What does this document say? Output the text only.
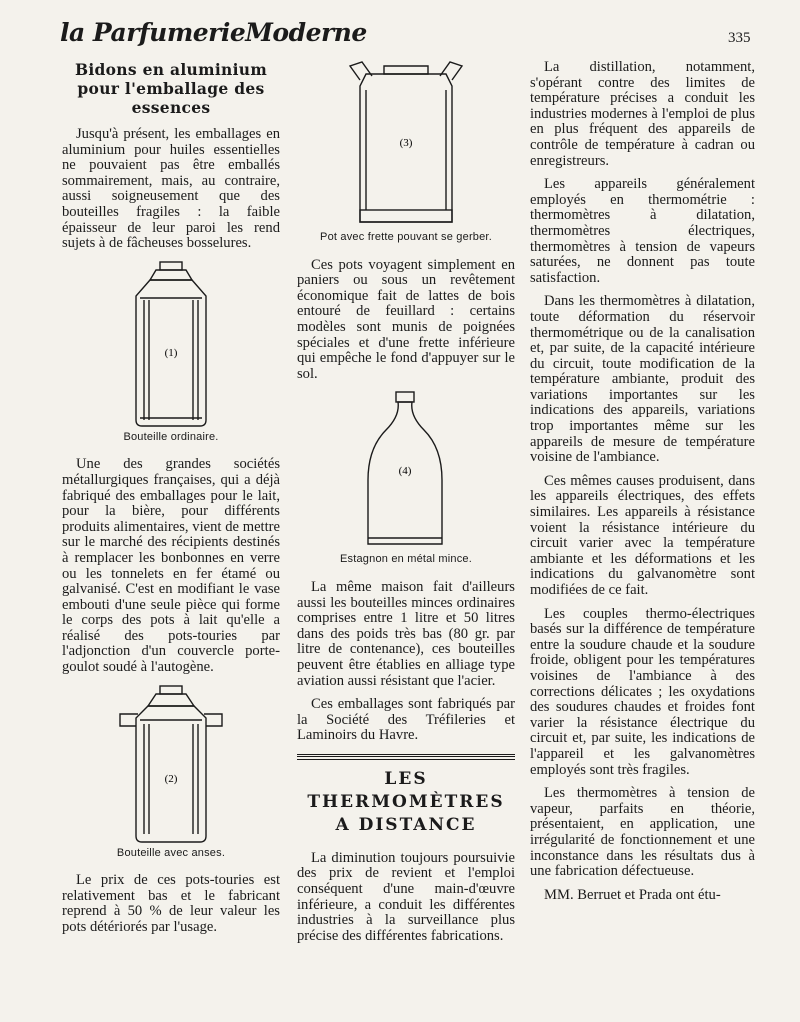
la ParfumerieModerne	335
Bidons en aluminium pour l'emballage des essences

Jusqu'à présent, les emballages en aluminium pour huiles essentielles ne pouvaient pas être emballés sommairement, mais, au contraire, aussi soigneusement que des bouteilles fragiles : la faible épaisseur de leur paroi les rend sujets à de fâcheuses bosselures.

(1)
Bouteille ordinaire.

Une des grandes sociétés métallurgiques françaises, qui a déjà fabriqué des emballages pour le lait, pour la bière, pour différents produits alimentaires, vient de mettre sur le marché des récipients destinés à remplacer les bonbonnes en verre ou les tonnelets en fer étamé ou galvanisé. C'est en modifiant le vase embouti d'une seule pièce qui forme le corps des pots à lait qu'elle a réalisé des pots-touries par l'adjonction d'un couvercle porte-goulot soudé à l'autogène.

(2)
Bouteille avec anses.

Le prix de ces pots-touries est relativement bas et le fabricant reprend à 50 % de leur valeur les pots détériorés par l'usage.

(3)
Pot avec frette pouvant se gerber.

Ces pots voyagent simplement en paniers ou sous un revêtement économique fait de lattes de bois entouré de feuillard : certains modèles sont munis de poignées spéciales et d'une frette inférieure qui empêche le fond d'appuyer sur le sol.

(4)
Estagnon en métal mince.

La même maison fait d'ailleurs aussi les bouteilles minces ordinaires comprises entre 1 litre et 50 litres dans des poids très bas (80 gr. par litre de contenance), ces bouteilles peuvent être établies en alliage type aviation aussi résistant que l'acier.

Ces emballages sont fabriqués par la Société des Tréfileries et Laminoirs du Havre.

LES
THERMOMÈTRES
A DISTANCE

La diminution toujours poursuivie des prix de revient et l'emploi conséquent d'une main-d'œuvre inférieure, a conduit les différentes industries à la surveillance plus précise des différentes fabrications.

La distillation, notamment, s'opérant contre des limites de température précises a conduit les industries modernes à l'emploi de plus en plus fréquent des appareils de contrôle de température à cadran ou enregistreurs.

Les appareils généralement employés en thermométrie : thermomètres à dilatation, thermomètres électriques, thermomètres à tension de vapeurs saturées, ne donnent pas toute satisfaction.

Dans les thermomètres à dilatation, toute déformation du réservoir thermométrique ou de la canalisation et, par suite, de la capacité intérieure du circuit, toute modification de la température ambiante, produit des variations importantes sur les indications des appareils, variations trop importantes même sur les appareils de mesure de température voisine de l'ambiance.

Ces mêmes causes produisent, dans les appareils électriques, des effets similaires. Les appareils à résistance voient la résistance intérieure du circuit varier avec la température ambiante et les déformations et les indications du galvanomètre sont modifiées de ce fait.

Les couples thermo-électriques basés sur la différence de température entre la soudure chaude et la soudure froide, obligent pour les températures voisines de l'ambiance à des corrections délicates ; les oxydations des soudures chaudes et froides font varier la résistance électrique du circuit et, par suite, les indications de l'appareil et les galvanomètres employés sont très fragiles.

Les thermomètres à tension de vapeur, parfaits en théorie, présentaient, en application, une irrégularité de fonctionnement et une inconstance dans les résultats dus à une fabrication défectueuse.

MM. Berruet et Prada ont étu-
